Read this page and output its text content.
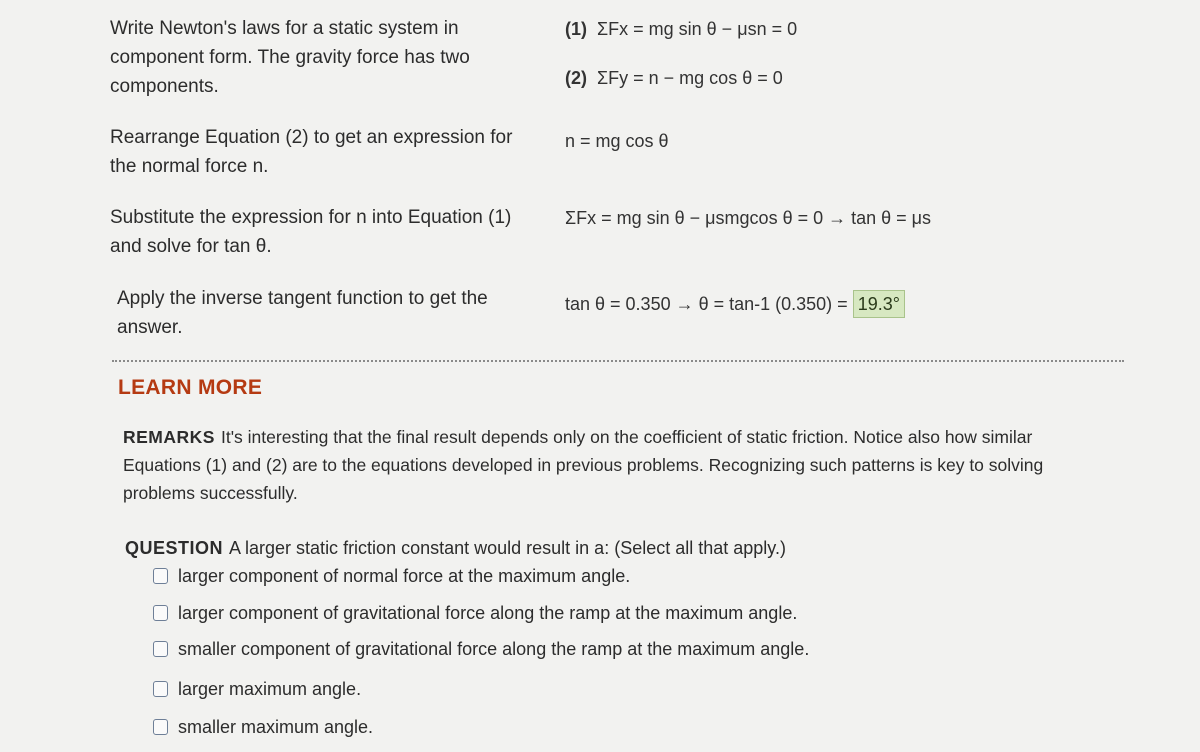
Write Newton's laws for a static system in component form. The gravity force has two components.
(1) ΣFx = mg sin θ − μsn = 0
(2) ΣFy = n − mg cos θ = 0
Rearrange Equation (2) to get an expression for the normal force n.
n = mg cos θ
Substitute the expression for n into Equation (1) and solve for tan θ.
ΣFx = mg sin θ − μsmgcos θ = 0 → tan θ = μs
Apply the inverse tangent function to get the answer.
tan θ = 0.350 → θ = tan-1 (0.350) = 19.3°
LEARN MORE
REMARKS It's interesting that the final result depends only on the coefficient of static friction. Notice also how similar Equations (1) and (2) are to the equations developed in previous problems. Recognizing such patterns is key to solving problems successfully.
QUESTION A larger static friction constant would result in a: (Select all that apply.)
larger component of normal force at the maximum angle.
larger component of gravitational force along the ramp at the maximum angle.
smaller component of gravitational force along the ramp at the maximum angle.
larger maximum angle.
smaller maximum angle.
